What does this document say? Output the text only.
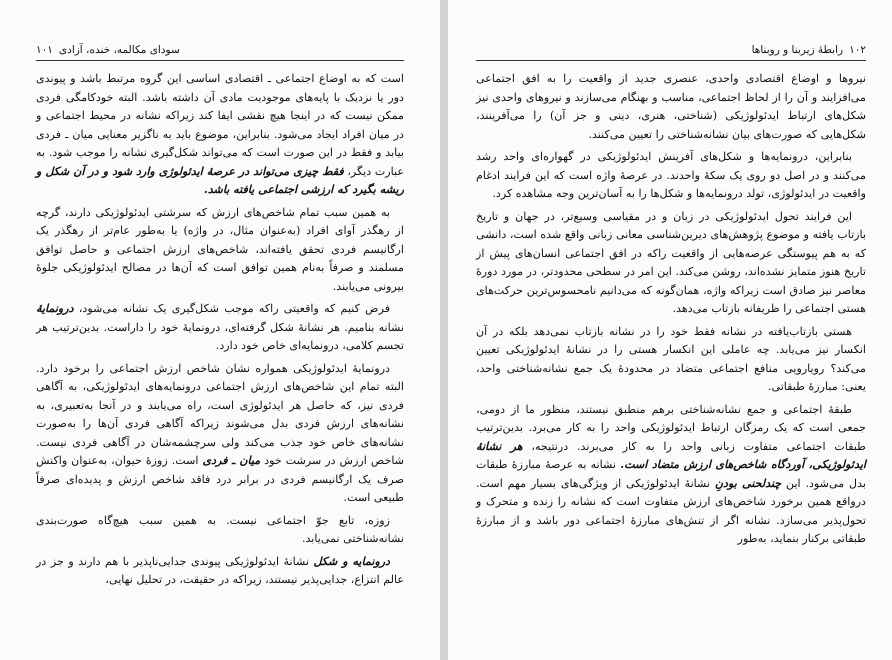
سودای مکالمه، خنده، آزادی
۱۰۱

است که به اوضاع اجتماعی ـ اقتصادی اساسی این گروه مرتبط باشد و پیوندی دور یا نزدیک با پایه‌های موجودیت مادی آن داشته باشد. البته خودکامگی فردی ممکن نیست که در اینجا هیچ نقشی ایفا کند زیراکه نشانه در محیط اجتماعی و در میان افراد ایجاد می‌شود. بنابراین، موضوع باید به ناگزیر معنایی میان ـ فردی بیابد و فقط در این صورت است که می‌تواند شکل‌گیری نشانه را موجب شود. به عبارت دیگر، فقط چیزی می‌تواند در عرصهٔ ایدئولوژی وارد شود و در آن شکل و ریشه بگیرد که ارزشی اجتماعی یافته باشد.

به همین سبب تمام شاخص‌های ارزش که سرشتی ایدئولوژیکی دارند، گرچه از رهگذر آوای افراد (به‌عنوان مثال، در واژه) یا به‌طور عام‌تر از رهگذر یک ارگانیسم فردی تحقق یافته‌اند، شاخص‌های ارزش اجتماعی و حاصل توافق مسلمند و صرفاً به‌نام همین توافق است که آن‌ها در مصالح ایدئولوژیکی جلوهٔ بیرونی می‌یابند.

فرض کنیم که واقعیتی راکه موجب شکل‌گیری یک نشانه می‌شود، درونمایهٔ نشانه بنامیم. هر نشانهٔ شکل گرفته‌ای، درونمایهٔ خود را داراست. بدین‌ترتیب هر تجسم کلامی، درونمایه‌ای خاص خود دارد.

درونمایهٔ ایدئولوژیکی همواره نشان شاخص ارزش اجتماعی را برخود دارد. البته تمام این شاخص‌های ارزش اجتماعی درونمایه‌های ایدئولوژیکی، به آگاهی فردی نیز، که حاصل هر ایدئولوژی است، راه می‌یابند و در آنجا به‌تعبیری، به نشانه‌های ارزش فردی بدل می‌شوند زیراکه آگاهی فردی آن‌ها را به‌صورت نشانه‌های خاص خود جذب می‌کند ولی سرچشمه‌شان در آگاهی فردی نیست. شاخص ارزش در سرشت خود میان ـ فردی است. زوزهٔ حیوان، به‌عنوان واکنش صرف یک ارگانیسم فردی در برابر درد فاقد شاخص ارزش و پدیده‌ای صرفاً طبیعی است.

زوزه، تابع جوّ اجتماعی نیست. به همین سبب هیچ‌گاه صورت‌بندی نشانه‌شناختی نمی‌یابد.

درونمایه و شکل نشانهٔ ایدئولوژیکی پیوندی جدایی‌ناپذیر با هم دارند و جز در عالم انتزاع، جدایی‌پذیر نیستند، زیراکه در حقیقت، در تحلیل نهایی،

۱۰۲
رابطهٔ زیربنا و روبناها

نیروها و اوضاع اقتصادی واحدی، عنصری جدید از واقعیت را به افق اجتماعی می‌افزایند و آن را از لحاظ اجتماعی، مناسب و بهنگام می‌سازند و نیروهای واحدی نیز شکل‌های ارتباط ایدئولوژیکی (شناختی، هنری، دینی و جز آن) را می‌آفرینند، شکل‌هایی که صورت‌های بیان نشانه‌شناختی را تعیین می‌کنند.

بنابراین، درونمایه‌ها و شکل‌های آفرینش ایدئولوژیکی در گهواره‌ای واحد رشد می‌کنند و در اصل دو روی یک سکهٔ واحدند. در عرصهٔ واژه است که این فرایند ادغام واقعیت در ایدئولوژی، تولد درونمایه‌ها و شکل‌ها را به آسان‌ترین وجه مشاهده کرد.

این فرایند تحول ایدئولوژیکی در زبان و در مقیاسی وسیع‌تر، در جهان و تاریخ بازتاب یافته و موضوع پژوهش‌های دیرین‌شناسی معانی زبانی واقع شده است، دانشی که به هم پیوستگی عرصه‌هایی از واقعیت راکه در افق اجتماعی انسان‌های پیش از تاریخ هنوز متمایز نشده‌اند، روشن می‌کند. این امر در سطحی محدودتر، در مورد دورهٔ معاصر نیز صادق است زیراکه واژه، همان‌گونه که می‌دانیم نامحسوس‌ترین حرکت‌های هستی اجتماعی را ظریفانه بازتاب می‌دهد.

هستی بازتاب‌یافته در نشانه فقط خود را در نشانه بازتاب نمی‌دهد بلکه در آن انکسار نیز می‌یابد. چه عاملی این انکسار هستی را در نشانهٔ ایدئولوژیکی تعیین می‌کند؟ رویارویی منافع اجتماعی متضاد در محدودهٔ یک جمع نشانه‌شناختی واحد، یعنی: مبارزهٔ طبقاتی.

طبقهٔ اجتماعی و جمع نشانه‌شناختی برهم منطبق نیستند، منظور ما از دومی، جمعی است که یک رمزگان ارتباط ایدئولوژیکی واحد را به کار می‌برد. بدین‌ترتیب طبقات اجتماعی متفاوت زبانی واحد را به کار می‌برند. درنتیجه، هر نشانهٔ ایدئولوژیکی، آوردگاه شاخص‌های ارزش متضاد است. نشانه به عرصهٔ مبارزهٔ طبقات بدل می‌شود. این چندلحنی بودنِ نشانهٔ ایدئولوژیکی از ویژگی‌های بسیار مهم است. درواقع همین برخورد شاخص‌های ارزش متفاوت است که نشانه را زنده و متحرک و تحول‌پذیر می‌سازد. نشانه اگر از تنش‌های مبارزهٔ اجتماعی دور باشد و از مبارزهٔ طبقاتی برکنار بنماید، به‌طور
